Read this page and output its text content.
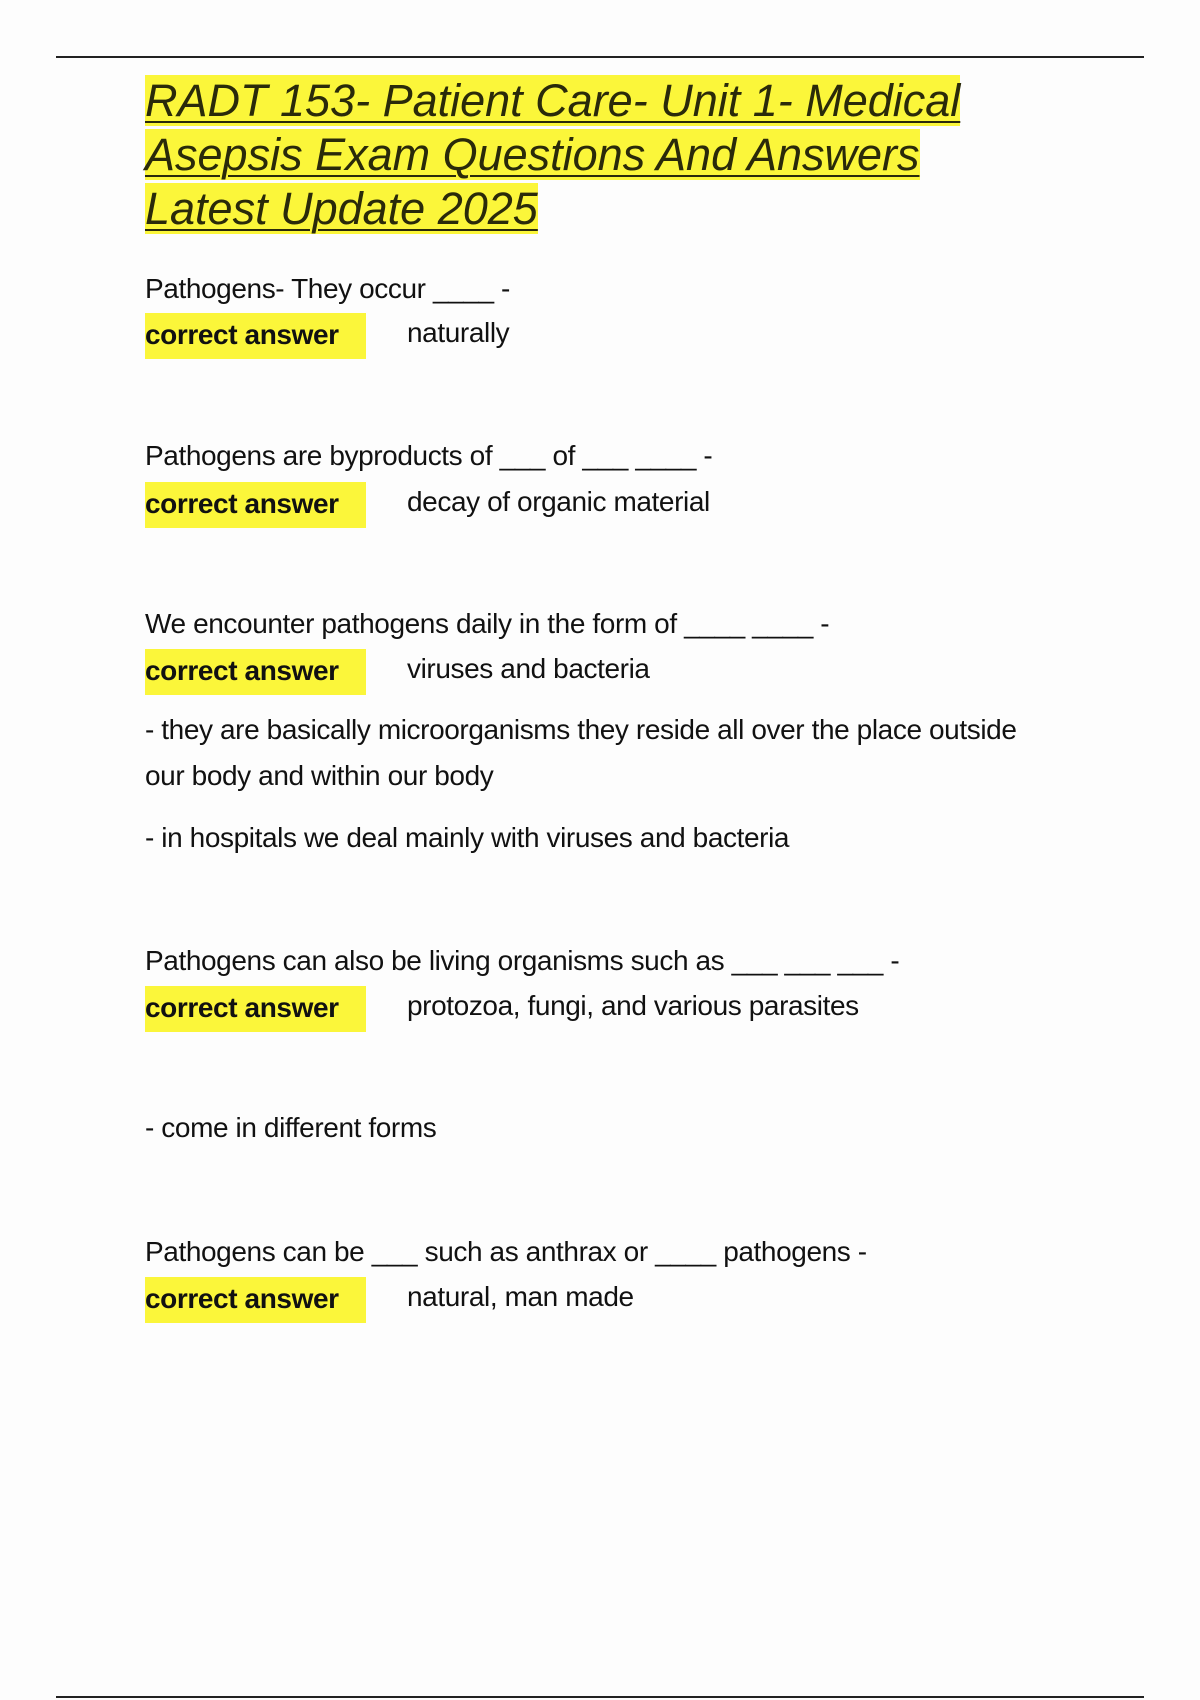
RADT 153- Patient Care- Unit 1- Medical
Asepsis Exam Questions And Answers
Latest Update 2025
Pathogens- They occur ____ -
correct answer naturally
Pathogens are byproducts of ___ of ___ ____ -
correct answer decay of organic material
We encounter pathogens daily in the form of ____ ____ -
correct answer viruses and bacteria
- they are basically microorganisms they reside all over the place outside our body and within our body
- in hospitals we deal mainly with viruses and bacteria
Pathogens can also be living organisms such as ___ ___ ___ -
correct answer protozoa, fungi, and various parasites
- come in different forms
Pathogens can be ___ such as anthrax or ____ pathogens -
correct answer natural, man made
